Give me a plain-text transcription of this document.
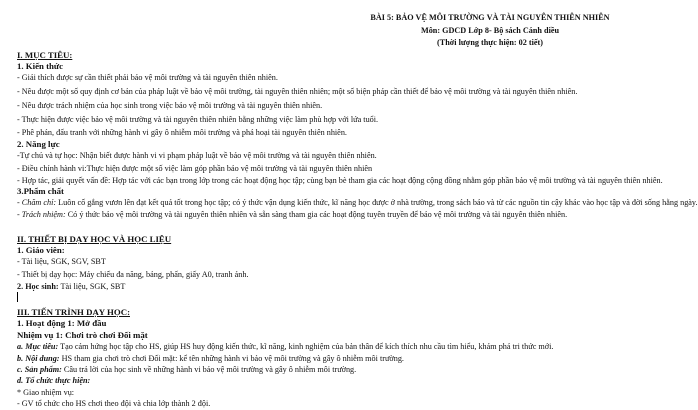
BÀI 5: BẢO VỆ MÔI TRƯỜNG VÀ TÀI NGUYÊN THIÊN NHIÊN
Môn: GDCD Lớp 8- Bộ sách Cánh diều
(Thời lượng thực hiện: 02 tiết)
I. MỤC TIÊU:
1. Kiến thức
- Giải thích được sự cần thiết phải bảo vệ môi trường và tài nguyên thiên nhiên.
- Nêu được một số quy định cơ bản của pháp luật về bảo vệ môi trường, tài nguyên thiên nhiên; một số biện pháp cần thiết để bảo vệ môi trường và tài nguyên thiên nhiên.
- Nêu được trách nhiệm của học sinh trong việc bảo vệ môi trường và tài nguyên thiên nhiên.
- Thực hiện được việc bảo vệ môi trường và tài nguyên thiên nhiên bằng những việc làm phù hợp với lứa tuổi.
- Phê phán, đấu tranh với những hành vi gây ô nhiễm môi trường và phá hoại tài nguyên thiên nhiên.
2. Năng lực
-Tự chủ và tự học: Nhận biết được hành vi vi phạm pháp luật về bảo vệ môi trường và tài nguyên thiên nhiên.
- Điều chỉnh hành vi:Thực hiện được một số việc làm góp phần bảo vệ môi trường và tài nguyên thiên nhiên
- Hợp tác, giải quyết vấn đề: Hợp tác với các bạn trong lớp trong các hoạt động học tập; cùng bạn bè tham gia các hoạt động cộng đồng nhằm góp phần bảo vệ môi trường và tài nguyên thiên nhiên.
3.Phẩm chất
- Chăm chỉ: Luôn cố gắng vươn lên đạt kết quả tốt trong học tập; có ý thức vận dụng kiến thức, kĩ năng học được ở nhà trường, trong sách báo và từ các nguồn tin cậy khác vào học tập và đời sống hằng ngày.
- Trách nhiệm: Có ý thức bảo vệ môi trường và tài nguyên thiên nhiên và sẵn sàng tham gia các hoạt động tuyên truyền để bảo vệ môi trường và tài nguyên thiên nhiên.
II. THIẾT BỊ DẠY HỌC VÀ HỌC LIỆU
1. Giáo viên:
- Tài liệu, SGK, SGV, SBT
- Thiết bị dạy học: Máy chiếu đa năng, bảng, phấn, giấy A0, tranh ảnh.
2. Học sinh: Tài liệu, SGK, SBT
III. TIẾN TRÌNH DẠY HỌC:
1. Hoạt động 1: Mở đầu
Nhiệm vụ 1: Chơi trò chơi Đối mặt
a. Mục tiêu: Tạo cảm hứng học tập cho HS, giúp HS huy động kiến thức, kĩ năng, kinh nghiệm của bản thân để kích thích nhu cầu tìm hiểu, khám phá tri thức mới.
b. Nội dung: HS tham gia chơi trò chơi Đối mặt: kể tên những hành vi bảo vệ môi trường và gây ô nhiễm môi trường.
c. Sản phẩm: Câu trả lời của học sinh về những hành vi bảo vệ môi trường và gây ô nhiễm môi trường.
d. Tổ chức thực hiện:
* Giao nhiệm vụ:
- GV tổ chức cho HS chơi theo đội và chia lớp thành 2 đội.
